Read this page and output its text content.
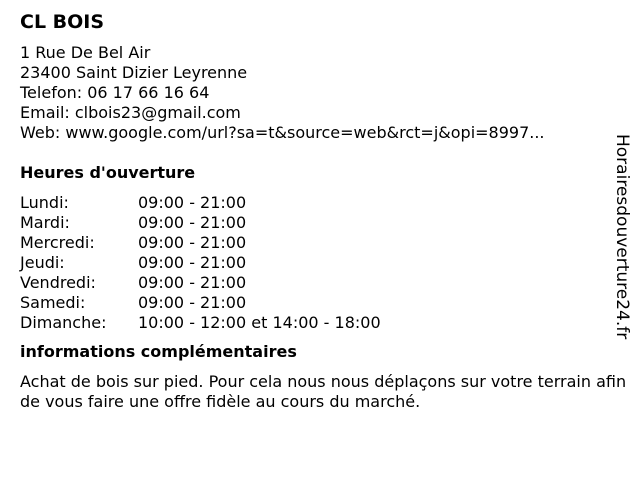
CL BOIS
1 Rue De Bel Air
23400 Saint Dizier Leyrenne
Telefon: 06 17 66 16 64
Email: clbois23@gmail.com
Web: www.google.com/url?sa=t&source=web&rct=j&opi=8997...
Heures d'ouverture
Lundi:	09:00 - 21:00
Mardi:	09:00 - 21:00
Mercredi:	09:00 - 21:00
Jeudi:	09:00 - 21:00
Vendredi:	09:00 - 21:00
Samedi:	09:00 - 21:00
Dimanche:	10:00 - 12:00 et 14:00 - 18:00
informations complémentaires
Achat de bois sur pied. Pour cela nous nous déplaçons sur votre terrain afin de vous faire une offre fidèle au cours du marché.
Horairesdouverture24.fr
